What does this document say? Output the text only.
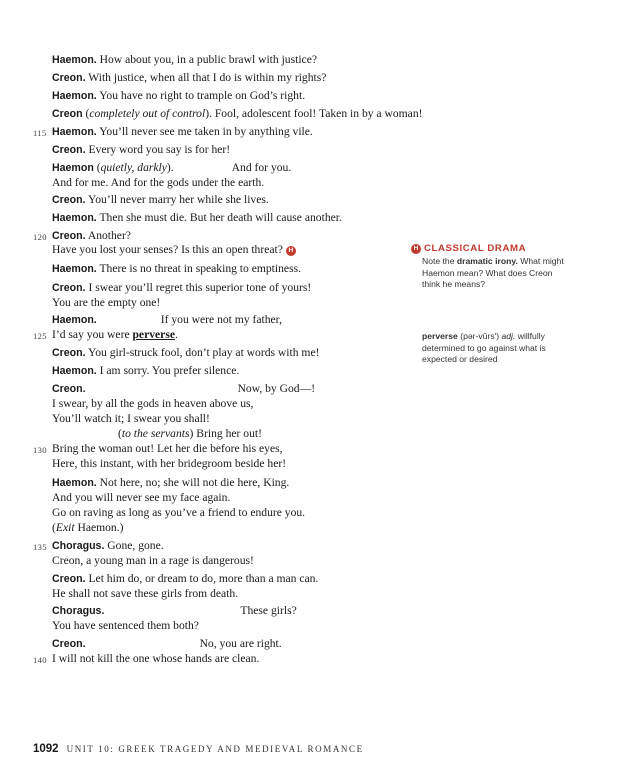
Haemon. How about you, in a public brawl with justice?
Creon. With justice, when all that I do is within my rights?
Haemon. You have no right to trample on God’s right.
Creon (completely out of control). Fool, adolescent fool! Taken in by a woman!
Haemon. You’ll never see me taken in by anything vile.
Creon. Every word you say is for her!
Haemon (quietly, darkly).	And for you.
And for me. And for the gods under the earth.
Creon. You’ll never marry her while she lives.
Haemon. Then she must die. But her death will cause another.
Creon. Another?
Have you lost your senses? Is this an open threat? H
Haemon. There is no threat in speaking to emptiness.
Creon. I swear you’ll regret this superior tone of yours!
You are the empty one!
Haemon.	If you were not my father,
I’d say you were perverse.
Creon. You girl-struck fool, don’t play at words with me!
Haemon. I am sorry. You prefer silence.
Creon.	Now, by God—!
I swear, by all the gods in heaven above us,
You’ll watch it; I swear you shall!
(to the servants) Bring her out!
Bring the woman out! Let her die before his eyes,
Here, this instant, with her bridegroom beside her!
Haemon. Not here, no; she will not die here, King.
And you will never see my face again.
Go on raving as long as you’ve a friend to endure you.
(Exit Haemon.)
Choragus. Gone, gone.
Creon, a young man in a rage is dangerous!
Creon. Let him do, or dream to do, more than a man can.
He shall not save these girls from death.
Choragus.	These girls?
You have sentenced them both?
Creon.	No, you are right.
I will not kill the one whose hands are clean.
115
120
125
130
135
140
H CLASSICAL DRAMA
Note the dramatic irony. What might Haemon mean? What does Creon think he means?
perverse (pər-vûrs′) adj. willfully determined to go against what is expected or desired
1092 UNIT 10: GREEK TRAGEDY AND MEDIEVAL ROMANCE
